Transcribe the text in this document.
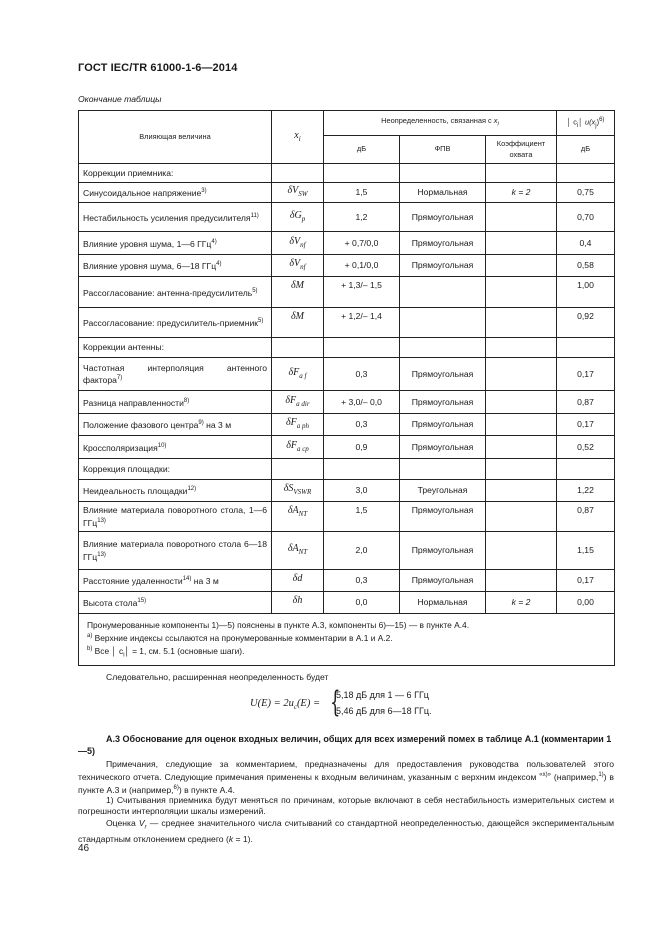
ГОСТ IEC/TR 61000-1-6—2014
Окончание таблицы
Влияющая величина	$x_i$	Неопределенность, связанная с $x_i$			│ $c_i│$ $u(x_j)^{6)}$
		дБ	ФПВ	Коэффициент охвата	дБ
Коррекции приемника:					
Синусоидальное напряжение$^{3)}$	$\delta V_{SW}$	1,5	Нормальная	k = 2	0,75
Нестабильность усиления предусилителя$^{11)}$	$\delta G_p$	1,2	Прямоугольная		0,70
Влияние уровня шума, 1—6 ГГц$^{4)}$	$\delta V_{nf}$	+ 0,7/0,0	Прямоугольная		0,4
Влияние уровня шума, 6—18 ГГц$^{4)}$	$\delta V_{nf}$	+ 0,1/0,0	Прямоугольная		0,58
Рассогласование: антенна-предусилитель$^{5)}$	δM	+ 1,3/– 1,5			1,00
Рассогласование: предусилитель-приемник$^{5)}$	δM	+ 1,2/– 1,4			0,92
Коррекции антенны:					
Частотная интерполяция антенного фактора$^{7)}$	$\delta F_{a f}$	0,3	Прямоугольная		0,17
Разница направленности$^{8)}$	$\delta F_{a dir}$	+ 3,0/– 0,0	Прямоугольная		0,87
Положение фазового центра$^{9)}$ на 3 м	$\delta F_{a ph}$	0,3	Прямоугольная		0,17
Кроссполяризация$^{10)}$	$\delta F_{a cp}$	0,9	Прямоугольная		0,52
Коррекция площадки:					
Неидеальность площадки$^{12)}$	$\delta S_{VSWR}$	3,0	Треугольная		1,22
Влияние материала поворотного стола, 1—6 ГГц$^{13)}$	$\delta A_{NT}$	1,5	Прямоугольная		0,87
Влияние материала поворотного стола 6—18 ГГц$^{13)}$	$\delta A_{NT}$	2,0	Прямоугольная		1,15
Расстояние удаленности$^{14)}$ на 3 м	δd	0,3	Прямоугольная		0,17
Высота стола$^{15)}$	δh	0,0	Нормальная	k = 2	0,00

Пронумерованные компоненты 1)—5) пояснены в пункте А.3, компоненты 6)—15) — в пункте А.4.
$^{a)}$ Верхние индексы ссылаются на пронумерованные комментарии в А.1 и А.2.
$^{b)}$ Все │ $c_i│ = 1$, см. 5.1 (основные шаги).					
Следовательно, расширенная неопределенность будет
$U(E) = 2u_c(E)$ = {
5,18 дБ для 1 — 6 ГГц
5,46 дБ для 6—18 ГГц.
А.3 Обоснование для оценок входных величин, общих для всех измерений помех в таблице А.1 (комментарии 1—5)
Примечания, следующие за комментарием, предназначены для предоставления руководства пользователей этого технического отчета. Следующие примечания применены к входным величинам, указанным с верхним индексом $^{«x)»}$ (например,$^{1)}$) в пункте А.3 и (например,$^{6)}$) в пункте А.4.
1) Считывания приемника будут меняться по причинам, которые включают в себя нестабильность измерительных систем и погрешности интерполяции шкалы измерений.
Оценка $V_r$ — среднее значительного числа считываний со стандартной неопределенностью, дающейся экспериментальным стандартным отклонением среднего (k = 1).
46
